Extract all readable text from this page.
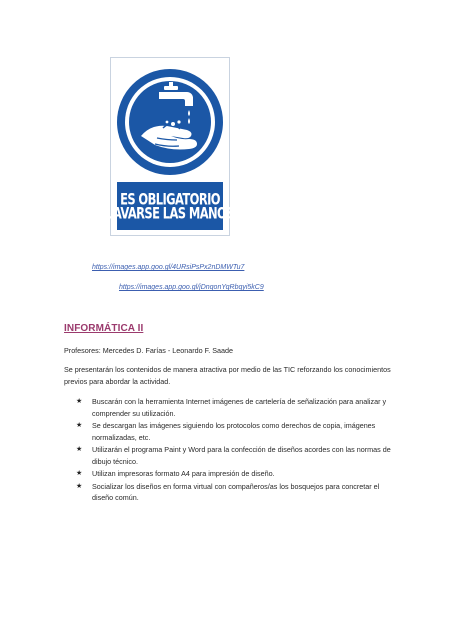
ES OBLIGATORIO
LAVARSE LAS MANOS
https://images.app.goo.gl/4URsiPsPx2nDMWTu7
https://images.app.goo.gl/jDnqonYqRbqyi5kC9
INFORMÁTICA II
Profesores: Mercedes D. Farías - Leonardo F. Saade
Se presentarán los contenidos de manera atractiva por medio de las TIC reforzando los conocimientos previos para abordar la actividad.
★ Buscarán con la herramienta Internet imágenes de cartelería de señalización para analizar y comprender su utilización.
★ Se descargan las imágenes siguiendo los protocolos como derechos de copia, imágenes normalizadas, etc.
★ Utilizarán el programa Paint y Word para la confección de diseños acordes con las normas de dibujo técnico.
★ Utilizan impresoras formato A4 para impresión de diseño.
★ Socializar los diseños en forma virtual con compañeros/as los bosquejos para concretar el diseño común.
